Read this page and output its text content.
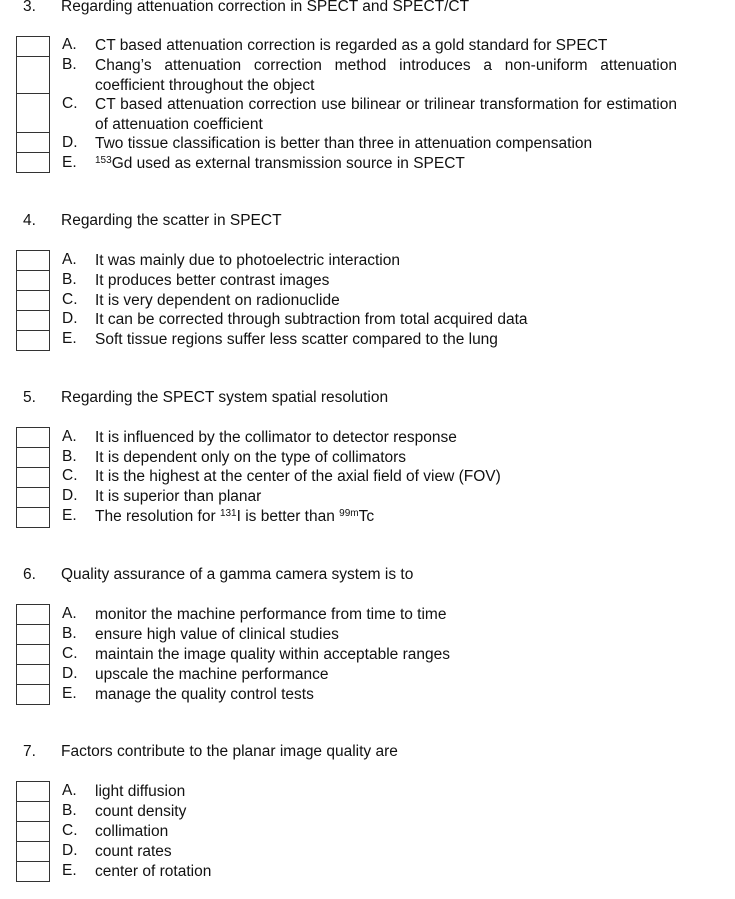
3. Regarding attenuation correction in SPECT and SPECT/CT
A. CT based attenuation correction is regarded as a gold standard for SPECT
B. Chang’s attenuation correction method introduces a non-uniform attenuation coefficient throughout the object
C. CT based attenuation correction use bilinear or trilinear transformation for estimation of attenuation coefficient
D. Two tissue classification is better than three in attenuation compensation
E. $^{153}$Gd used as external transmission source in SPECT
4. Regarding the scatter in SPECT
A. It was mainly due to photoelectric interaction
B. It produces better contrast images
C. It is very dependent on radionuclide
D. It can be corrected through subtraction from total acquired data
E. Soft tissue regions suffer less scatter compared to the lung
5. Regarding the SPECT system spatial resolution
A. It is influenced by the collimator to detector response
B. It is dependent only on the type of collimators
C. It is the highest at the center of the axial field of view (FOV)
D. It is superior than planar
E. The resolution for $^{131}$I is better than $^{99m}$Tc
6. Quality assurance of a gamma camera system is to
A. monitor the machine performance from time to time
B. ensure high value of clinical studies
C. maintain the image quality within acceptable ranges
D. upscale the machine performance
E. manage the quality control tests
7. Factors contribute to the planar image quality are
A. light diffusion
B. count density
C. collimation
D. count rates
E. center of rotation
